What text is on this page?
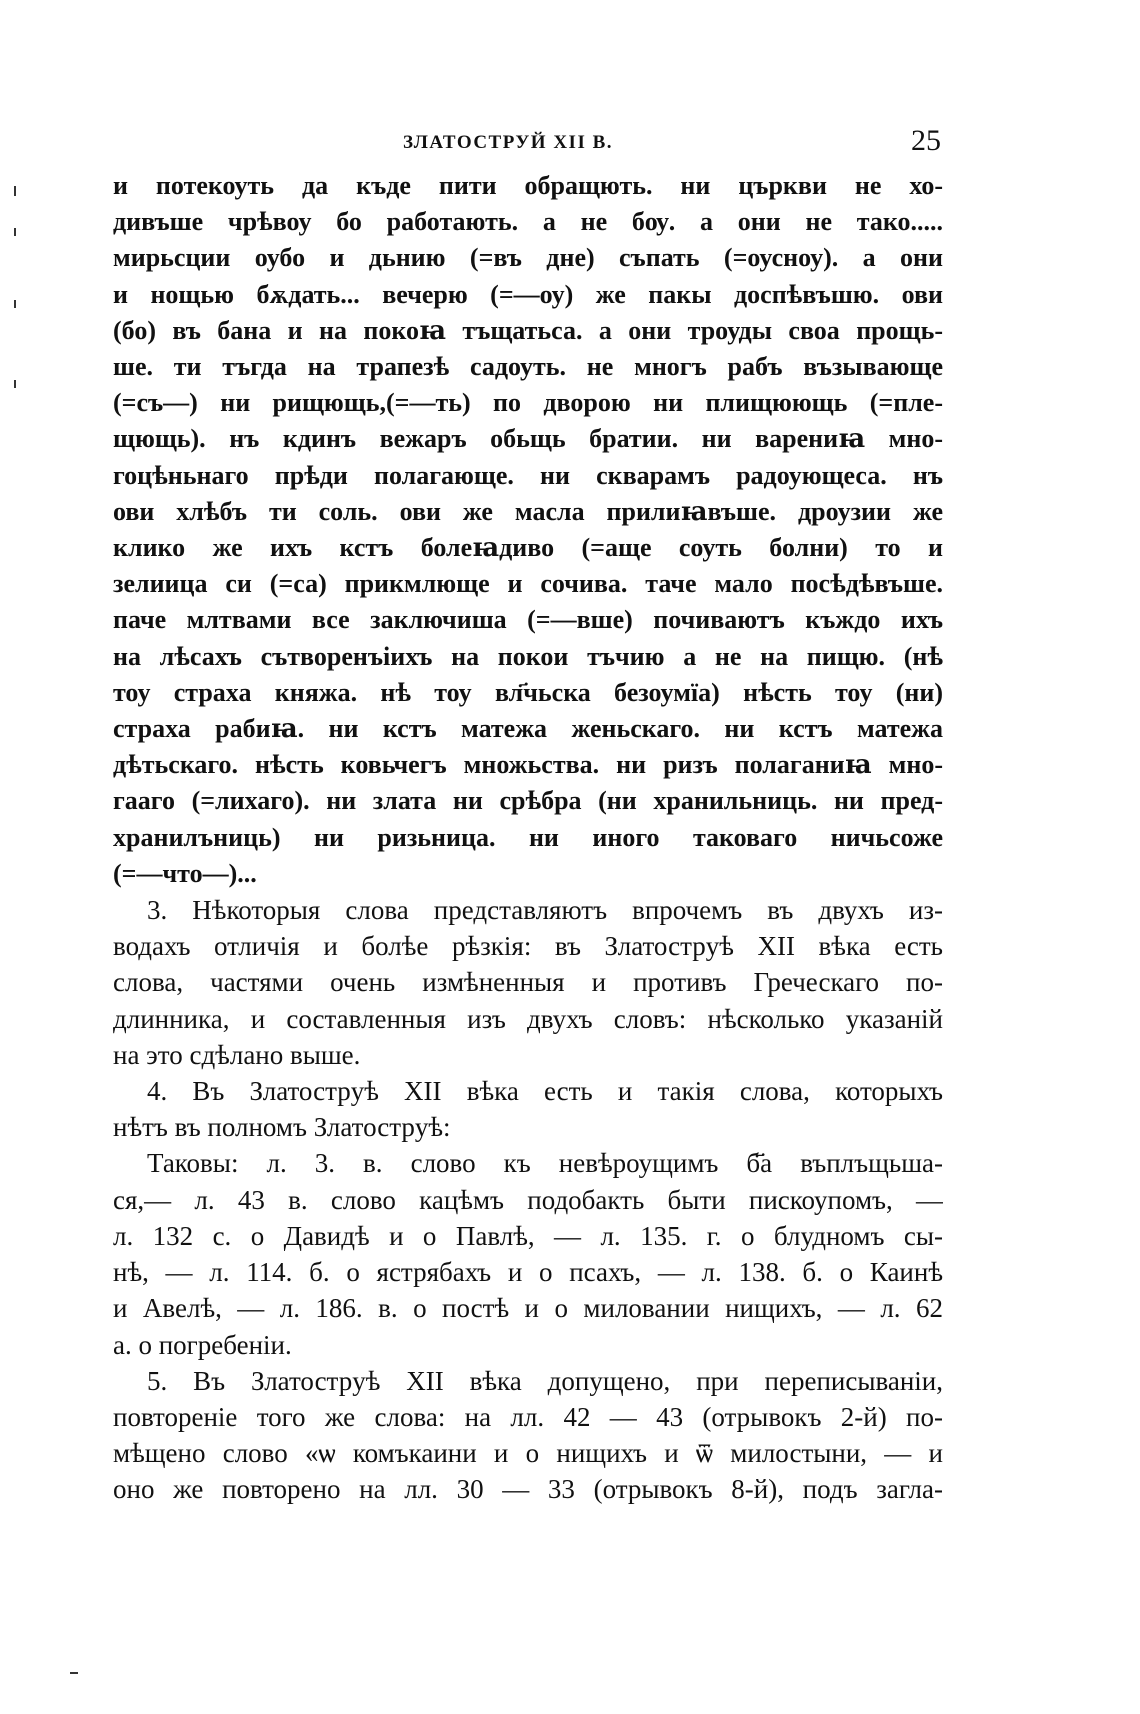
ЗЛАТОСТРУЙ XII В.	25
и потекоуть да къде пити обращють. ни църкви не хо-
дивъше чрѣвоу бо работають. а не бѹ. а они не тако.....
мирьсции оубо и дьнию (=въ дне) съпать (=оусноу). а они
и нощью бѫдать... вечерю (=—оу) же пакы доспѣвъшю. ови
(бо) въ бана и на покоꙗ тъщатьса. а они троуды своа прощь-
ше. ти тъгда на трапезѣ садоуть. не многъ рабъ възывающе
(=съ—) ни рищющь,(=—ть) по дворою ни плищюющь (=пле-
щющь). нъ кдинъ вежаръ обьщь братии. ни варениꙗ мно-
гоцѣньнаго прѣди полагающе. ни скварамъ радоующеса. нъ
ови хлѣбъ ти соль. ови же масла прилиꙗвъше. дроузии же
клико же ихъ кстъ болеꙗдиво (=аще соуть болни) то и
зелиица си (=са) прикмлюще и сочива. таче мало посѣдѣвъше.
паче млтвами все заключиша (=—вше) почиваютъ къждо ихъ
на лѣсахъ сътворенъіихъ на покои тъчию а не на пищю. (нѣ
тоу страха княжа. нѣ тоу вл҃чьска безоумїа) нѣсть тоу (ни)
страха рабиꙗ. ни кстъ матежа женьскаго. ни кстъ матежа
дѣтьскаго. нѣсть ковьчегъ множьства. ни ризъ полаганиꙗ мно-
гааго (=лихаго). ни злата ни срѣбра (ни хранильниць. ни пред-
хранилъниць) ни ризьница. ни иного таковаго ничьсоже
(=—что—)...
3. Нѣкоторыя слова представляютъ впрочемъ въ двухъ из-
водахъ отличія и болѣе рѣзкія: въ Златострyѣ XII вѣка есть
слова, частями очень измѣненныя и противъ Греческаго по-
длинника, и составленныя изъ двухъ словъ: нѣсколько указаній
на это сдѣлано выше.
4. Въ Златострyѣ XII вѣка есть и такія слова, которыхъ
нѣтъ въ полномъ Златострyѣ:
Таковы: л. 3. в. слово къ невѣроущимъ б҃а въплъщьша-
ся,— л. 43 в. слово кацѣмъ подобакть быти пискоупомъ, —
л. 132 с. о Давидѣ и о Павлѣ, — л. 135. г. о блудномъ сы-
нѣ, — л. 114. б. о ястрябахъ и о псахъ, — л. 138. б. о Каинѣ
и Авелѣ, — л. 186. в. о постѣ и о миловании нищихъ, — л. 62
а. о погребеніи.
5. Въ Златострyѣ XII вѣка допущено, при переписываніи,
повтореніе того же слова: на лл. 42 — 43 (отрывокъ 2-й) по-
мѣщено слово «ѡ комъкаини и о нищихъ и ѿ милостыни, — и
оно же повторено на лл. 30 — 33 (отрывокъ 8-й), подъ загла-
